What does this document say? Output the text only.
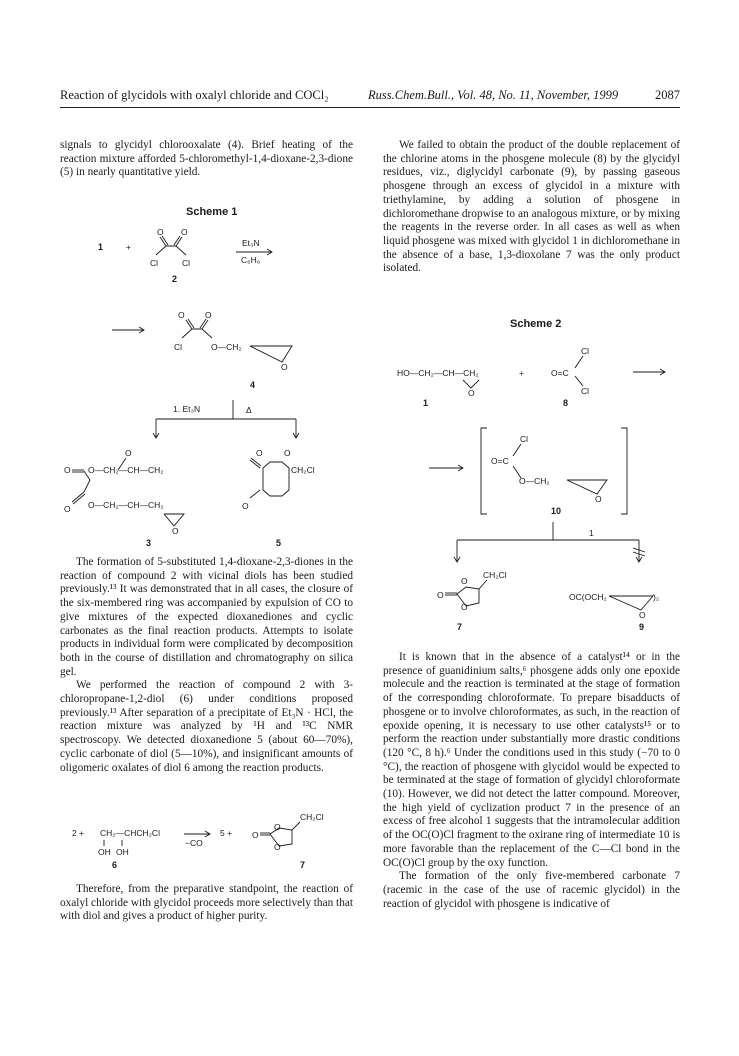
Reaction of glycidols with oxalyl chloride and COCl₂	Russ.Chem.Bull., Vol. 48, No. 11, November, 1999	2087

signals to glycidyl chlorooxalate (4). Brief heating of the reaction mixture afforded 5-chloromethyl-1,4-dioxane-2,3-dione (5) in nearly quantitative yield.

Scheme 1
1	+
O O
Cl	Cl
2
Et₃N
C₆H₆
O O
Cl	O—CH₂
O
4
1. Et₃N	Δ
O
O
O
O—CH₂—CH—CH₂
O—CH₂—CH—CH₂
O
3
O	O
O
CH₂Cl
5

The formation of 5-substituted 1,4-dioxane-2,3-diones in the reaction of compound 2 with vicinal diols has been studied previously.¹³ It was demonstrated that in all cases, the closure of the six-membered ring was accompanied by expulsion of CO to give mixtures of the expected dioxanediones and cyclic carbonates as the final reaction products. Attempts to isolate products in individual form were complicated by decomposition both in the course of distillation and chromatography on silica gel.

We performed the reaction of compound 2 with 3-chloropropane-1,2-diol (6) under conditions proposed previously.¹³ After separation of a precipitate of Et₃N · HCl, the reaction mixture was analyzed by ¹H and ¹³C NMR spectroscopy. We detected dioxanedione 5 (about 60—70%), cyclic carbonate of diol (5—10%), and insignificant amounts of oligomeric oxalates of diol 6 among the reaction products.

2 + CH₂—CHCH₂Cl
OH OH
6
−CO
5 +
O
O
O
CH₂Cl
7

Therefore, from the preparative standpoint, the reaction of oxalyl chloride with glycidol proceeds more selectively than that with diol and gives a product of higher purity.

We failed to obtain the product of the double replacement of the chlorine atoms in the phosgene molecule (8) by the glycidyl residues, viz., diglycidyl carbonate (9), by passing gaseous phosgene through an excess of glycidol in a mixture with triethylamine, by adding a solution of phosgene in dichloromethane dropwise to an analogous mixture, or by mixing the reagents in the reverse order. In all cases as well as when liquid phosgene was mixed with glycidol 1 in dichloromethane in the absence of a base, 1,3-dioxolane 7 was the only product isolated.

Scheme 2
HO—CH₂—CH—CH₂
O
1
+	O=C
Cl
Cl
8
Cl
O=C
O—CH₂
O
10
1
O
O
O
CH₂Cl
7
OC(OCH₂
O
)₂
9

It is known that in the absence of a catalyst¹⁴ or in the presence of guanidinium salts,⁶ phosgene adds only one epoxide molecule and the reaction is terminated at the stage of formation of the corresponding chloroformate. To prepare bisadducts of phosgene or to involve chloroformates, as such, in the reaction of epoxide opening, it is necessary to use other catalysts¹⁵ or to perform the reaction under substantially more drastic conditions (120 °C, 8 h).⁶ Under the conditions used in this study (−70 to 0 °C), the reaction of phosgene with glycidol would be expected to be terminated at the stage of formation of glycidyl chloroformate (10). However, we did not detect the latter compound. Moreover, the high yield of cyclization product 7 in the presence of an excess of free alcohol 1 suggests that the intramolecular addition of the OC(O)Cl fragment to the oxirane ring of intermediate 10 is more favorable than the replacement of the C—Cl bond in the OC(O)Cl group by the oxy function.

The formation of the only five-membered carbonate 7 (racemic in the case of the use of racemic glycidol) in the reaction of glycidol with phosgene is indicative of
